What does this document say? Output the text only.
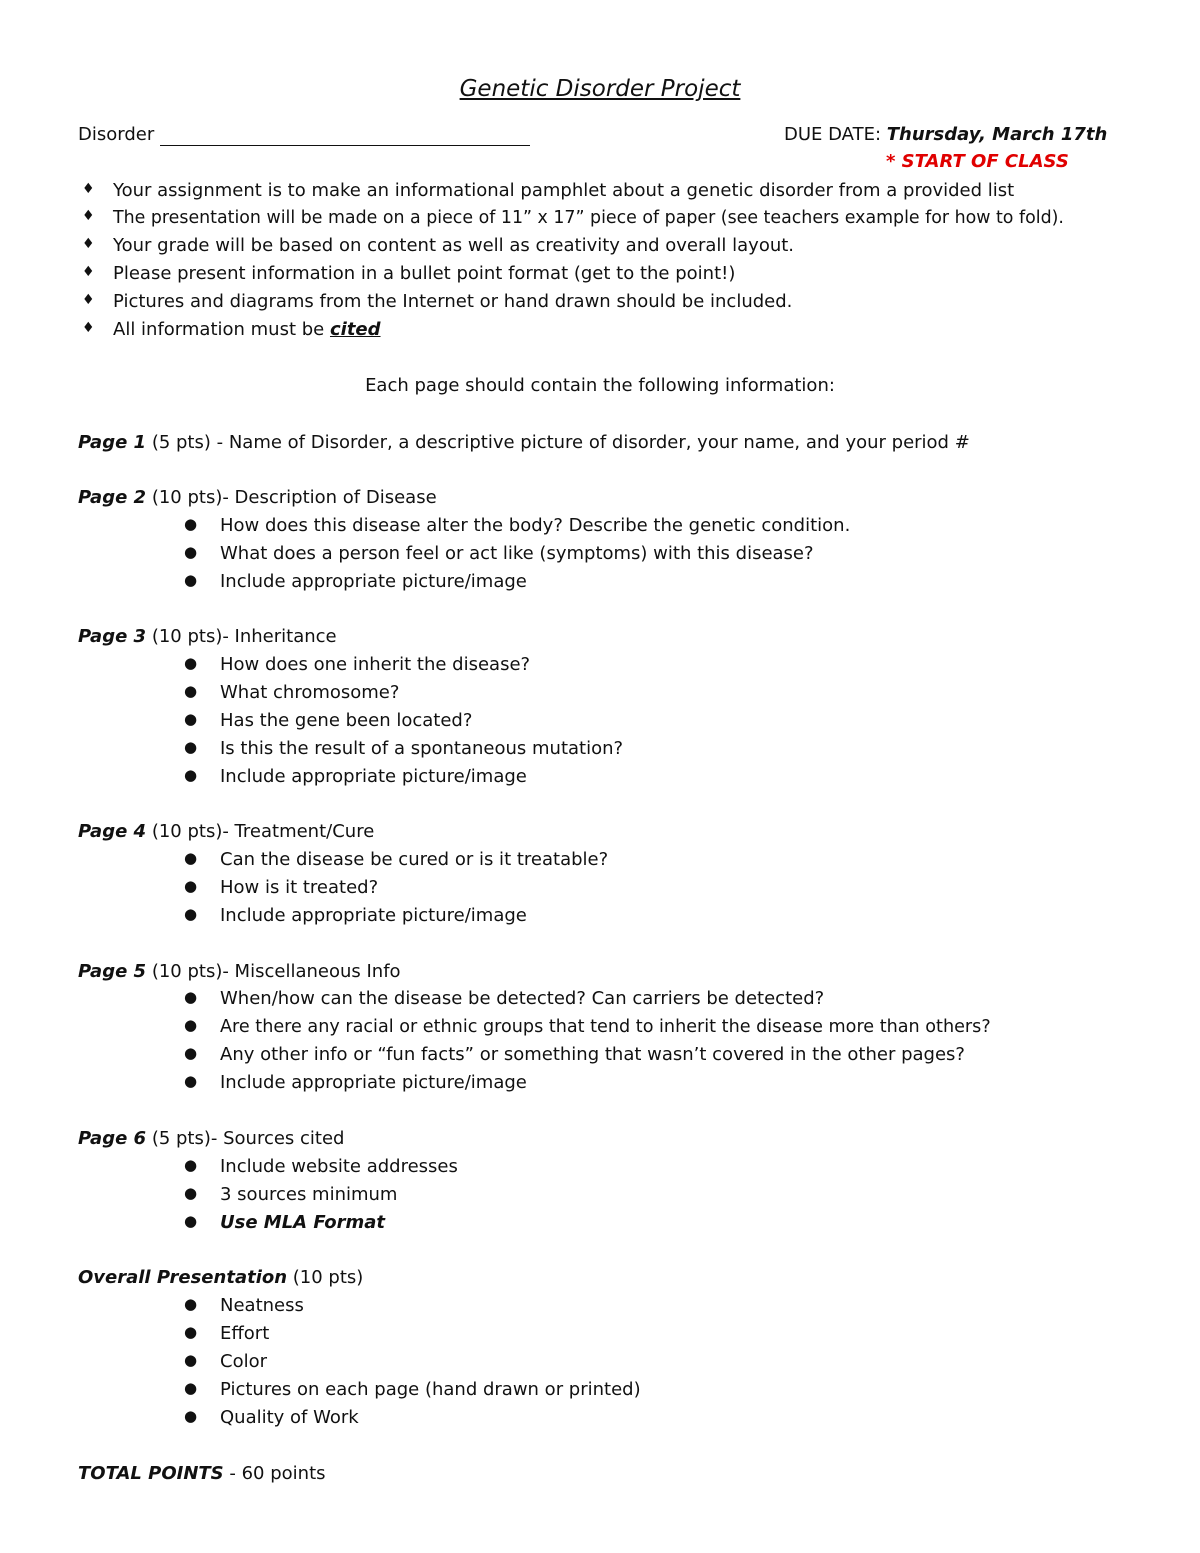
Genetic Disorder Project
Disorder	DUE DATE: Thursday, March 17th
* START OF CLASS
♦ Your assignment is to make an informational pamphlet about a genetic disorder from a provided list
♦ The presentation will be made on a piece of 11” x 17” piece of paper (see teachers example for how to fold).
♦ Your grade will be based on content as well as creativity and overall layout.
♦ Please present information in a bullet point format (get to the point!)
♦ Pictures and diagrams from the Internet or hand drawn should be included.
♦ All information must be cited
Each page should contain the following information:
Page 1 (5 pts) - Name of Disorder, a descriptive picture of disorder, your name, and your period #
Page 2 (10 pts)- Description of Disease
● How does this disease alter the body? Describe the genetic condition.
● What does a person feel or act like (symptoms) with this disease?
● Include appropriate picture/image
Page 3 (10 pts)- Inheritance
● How does one inherit the disease?
● What chromosome?
● Has the gene been located?
● Is this the result of a spontaneous mutation?
● Include appropriate picture/image
Page 4 (10 pts)- Treatment/Cure
● Can the disease be cured or is it treatable?
● How is it treated?
● Include appropriate picture/image
Page 5 (10 pts)- Miscellaneous Info
● When/how can the disease be detected? Can carriers be detected?
● Are there any racial or ethnic groups that tend to inherit the disease more than others?
● Any other info or “fun facts” or something that wasn’t covered in the other pages?
● Include appropriate picture/image
Page 6 (5 pts)- Sources cited
● Include website addresses
● 3 sources minimum
● Use MLA Format
Overall Presentation (10 pts)
● Neatness
● Effort
● Color
● Pictures on each page (hand drawn or printed)
● Quality of Work
TOTAL POINTS - 60 points
